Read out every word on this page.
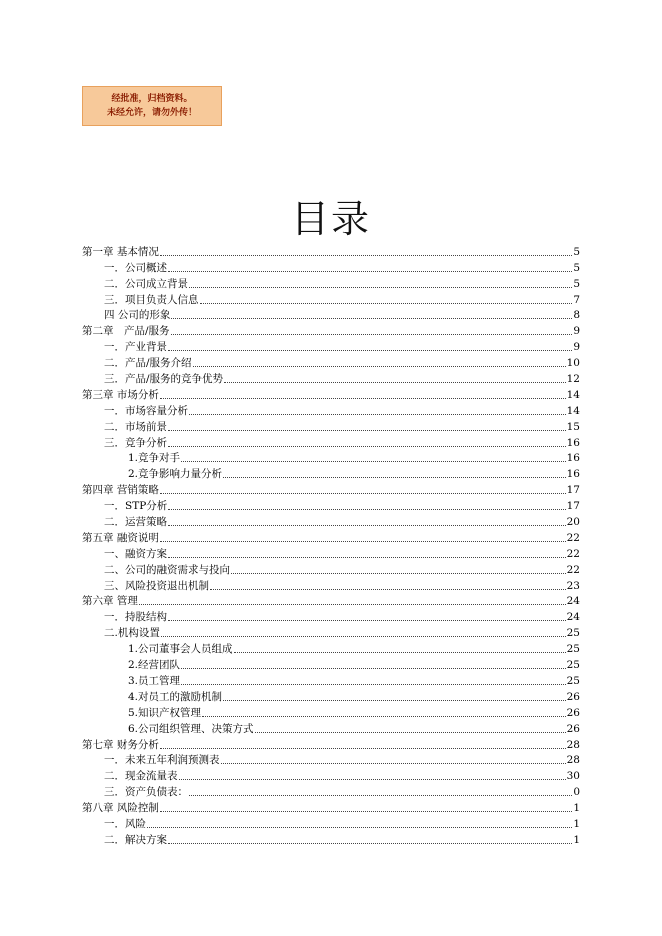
经批准，归档资料。
未经允许，请勿外传！
目录
第一章 基本情况	5
一．公司概述	5
二．公司成立背景	5
三．项目负责人信息	7
四 公司的形象	8
第二章　产品/服务	9
一．产业背景	9
二．产品/服务介绍	10
三．产品/服务的竞争优势	12
第三章 市场分析	14
一．市场容量分析	14
二．市场前景	15
三．竞争分析	16
1.竞争对手	16
2.竞争影响力量分析	16
第四章 营销策略	17
一．STP分析	17
二．运营策略	20
第五章 融资说明	22
一、融资方案	22
二、公司的融资需求与投向	22
三、风险投资退出机制	23
第六章 管理	24
一．持股结构	24
二.机构设置	25
1.公司董事会人员组成	25
2.经营团队	25
3.员工管理	25
4.对员工的激励机制	26
5.知识产权管理	26
6.公司组织管理、决策方式	26
第七章 财务分析	28
一．未来五年利润预测表	28
二．现金流量表	30
三．资产负债表：	0
第八章 风险控制	1
一．风险	1
二．解决方案	1
